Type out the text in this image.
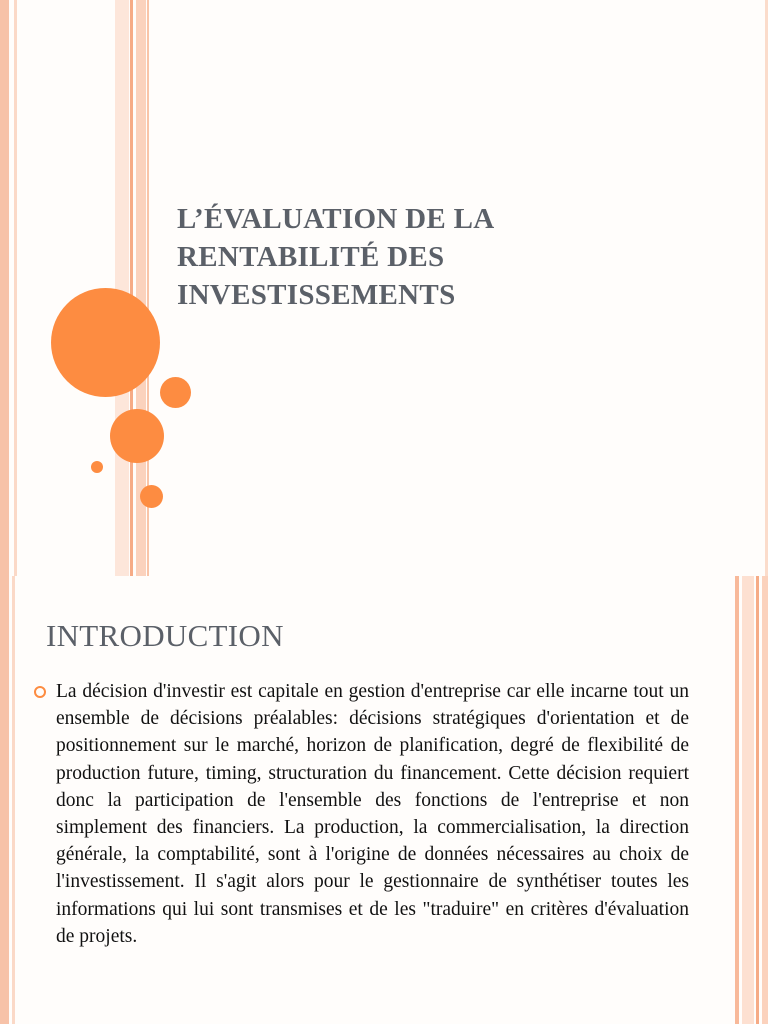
L’ÉVALUATION DE LA
RENTABILITÉ DES
INVESTISSEMENTS
INTRODUCTION

La décision d'investir est capitale en gestion d'entreprise car elle incarne tout un ensemble de décisions préalables: décisions stratégiques d'orientation et de positionnement sur le marché, horizon de planification, degré de flexibilité de production future, timing, structuration du financement. Cette décision requiert donc la participation de l'ensemble des fonctions de l'entreprise et non simplement des financiers. La production, la commercialisation, la direction générale, la comptabilité, sont à l'origine de données nécessaires au choix de l'investissement. Il s'agit alors pour le gestionnaire de synthétiser toutes les informations qui lui sont transmises et de les "traduire" en critères d'évaluation de projets.
